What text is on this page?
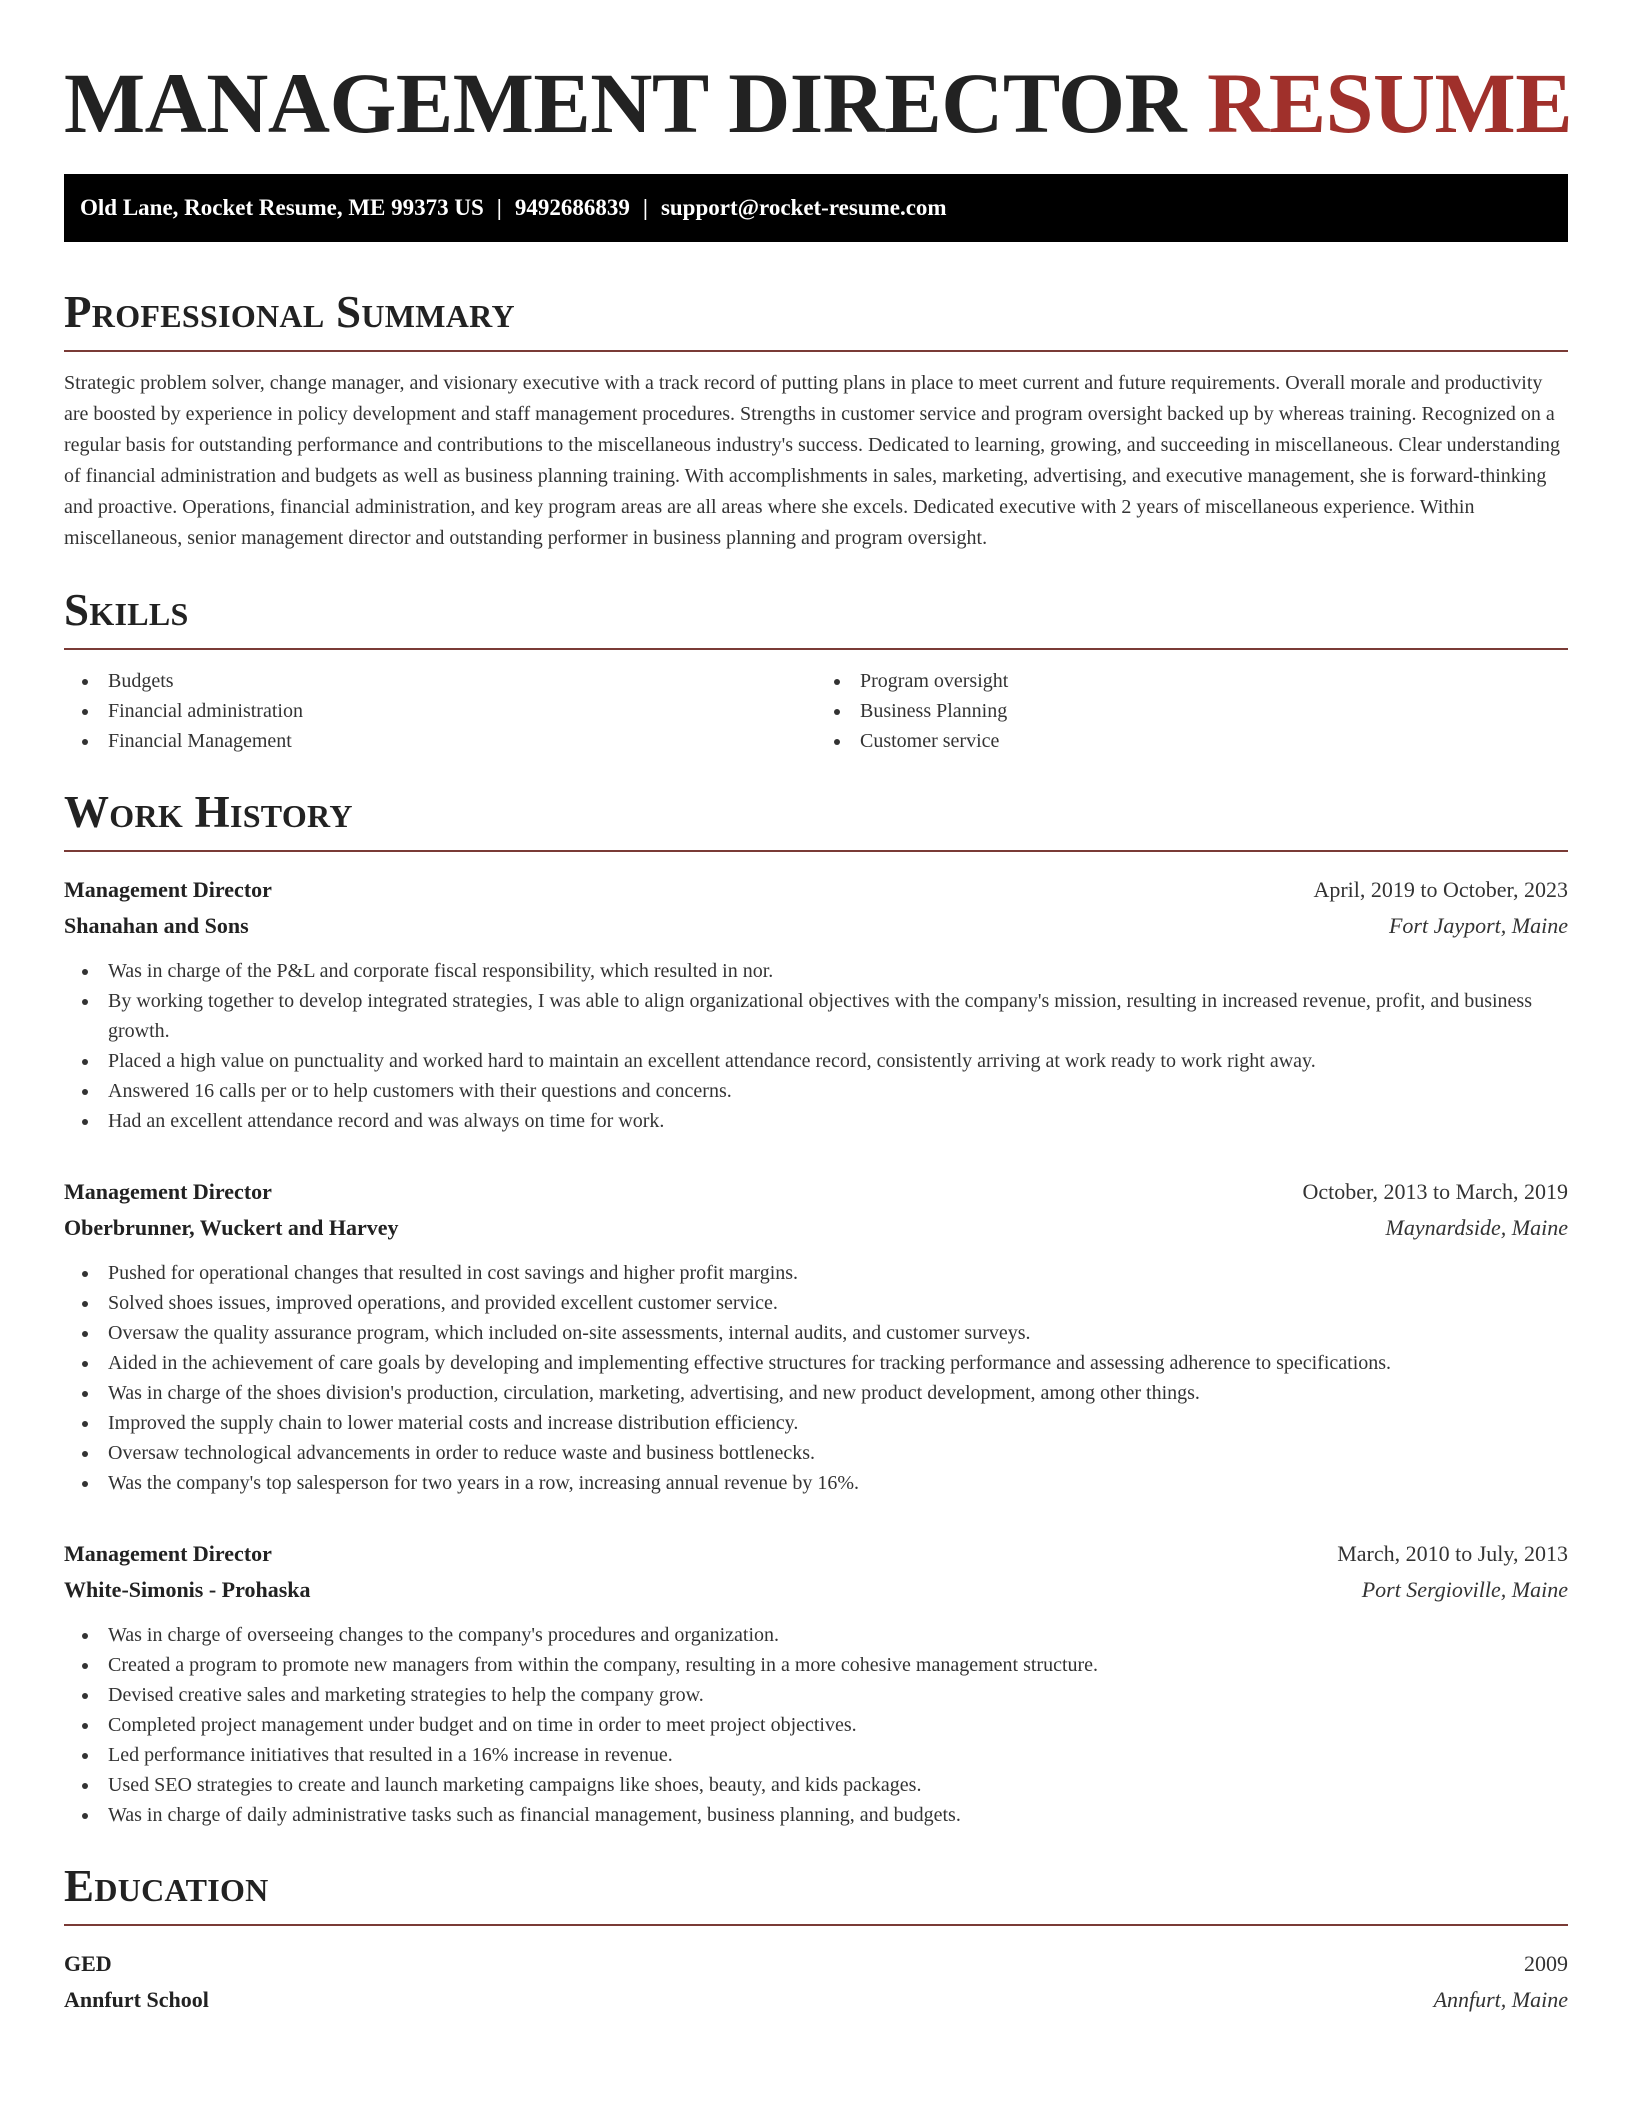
MANAGEMENT DIRECTOR RESUME
Old Lane, Rocket Resume, ME 99373 US | 9492686839 | support@rocket-resume.com
Professional Summary

Strategic problem solver, change manager, and visionary executive with a track record of putting plans in place to meet current and future requirements. Overall morale and productivity are boosted by experience in policy development and staff management procedures. Strengths in customer service and program oversight backed up by whereas training. Recognized on a regular basis for outstanding performance and contributions to the miscellaneous industry's success. Dedicated to learning, growing, and succeeding in miscellaneous. Clear understanding of financial administration and budgets as well as business planning training. With accomplishments in sales, marketing, advertising, and executive management, she is forward-thinking and proactive. Operations, financial administration, and key program areas are all areas where she excels. Dedicated executive with 2 years of miscellaneous experience. Within miscellaneous, senior management director and outstanding performer in business planning and program oversight.

Skills
Budgets
Financial administration
Financial Management
Program oversight
Business Planning
Customer service
Work History
Management Director	April, 2019 to October, 2023
Shanahan and Sons	Fort Jayport, Maine
Was in charge of the P&L and corporate fiscal responsibility, which resulted in nor.
By working together to develop integrated strategies, I was able to align organizational objectives with the company's mission, resulting in increased revenue, profit, and business growth.
Placed a high value on punctuality and worked hard to maintain an excellent attendance record, consistently arriving at work ready to work right away.
Answered 16 calls per or to help customers with their questions and concerns.
Had an excellent attendance record and was always on time for work.
Management Director	October, 2013 to March, 2019
Oberbrunner, Wuckert and Harvey	Maynardside, Maine
Pushed for operational changes that resulted in cost savings and higher profit margins.
Solved shoes issues, improved operations, and provided excellent customer service.
Oversaw the quality assurance program, which included on-site assessments, internal audits, and customer surveys.
Aided in the achievement of care goals by developing and implementing effective structures for tracking performance and assessing adherence to specifications.
Was in charge of the shoes division's production, circulation, marketing, advertising, and new product development, among other things.
Improved the supply chain to lower material costs and increase distribution efficiency.
Oversaw technological advancements in order to reduce waste and business bottlenecks.
Was the company's top salesperson for two years in a row, increasing annual revenue by 16%.
Management Director	March, 2010 to July, 2013
White-Simonis - Prohaska	Port Sergioville, Maine
Was in charge of overseeing changes to the company's procedures and organization.
Created a program to promote new managers from within the company, resulting in a more cohesive management structure.
Devised creative sales and marketing strategies to help the company grow.
Completed project management under budget and on time in order to meet project objectives.
Led performance initiatives that resulted in a 16% increase in revenue.
Used SEO strategies to create and launch marketing campaigns like shoes, beauty, and kids packages.
Was in charge of daily administrative tasks such as financial management, business planning, and budgets.
Education
GED	2009
Annfurt School	Annfurt, Maine
